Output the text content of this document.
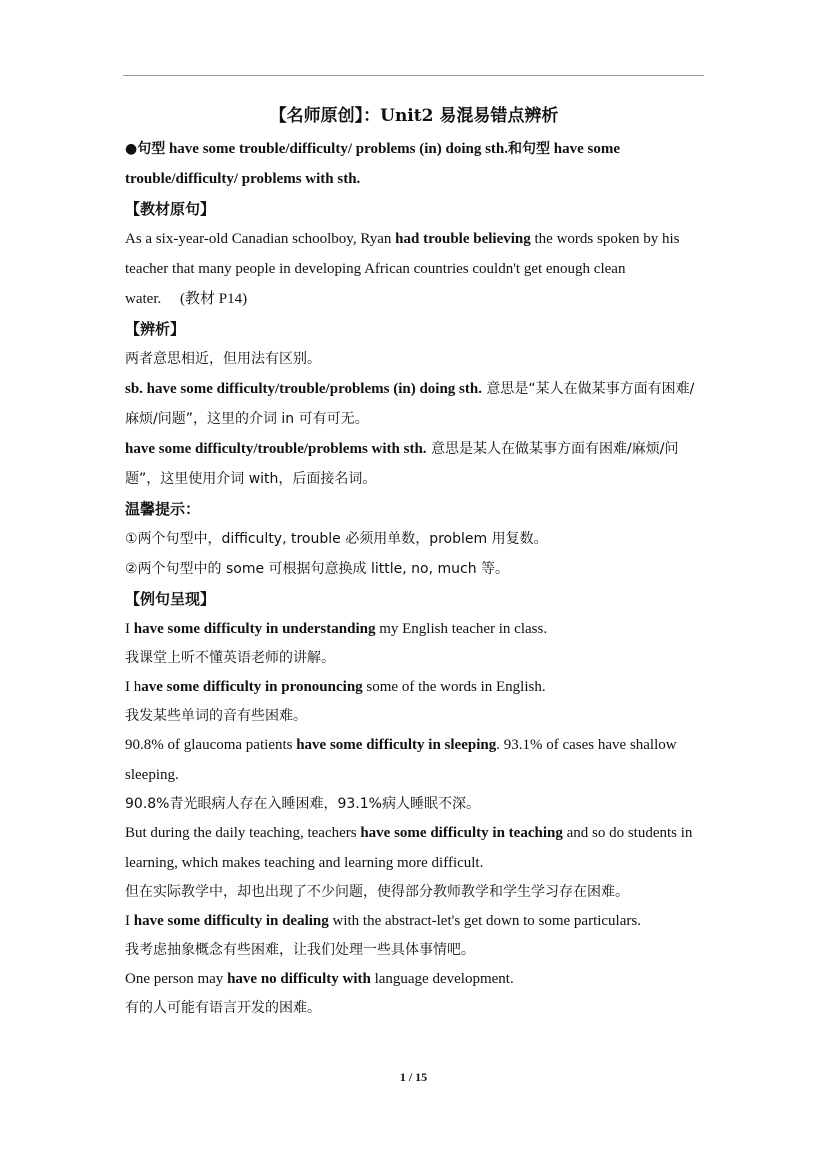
【名师原创】：Unit2 易混易错点辨析

●句型 have some trouble/difficulty/ problems (in) doing sth.和句型 have some trouble/difficulty/ problems with sth.

【教材原句】

As a six-year-old Canadian schoolboy, Ryan had trouble believing the words spoken by his teacher that many people in developing African countries couldn't get enough clean water. (教材 P14)

【辨析】

两者意思相近，但用法有区别。

sb. have some difficulty/trouble/problems (in) doing sth. 意思是“某人在做某事方面有困难/麻烦/问题”，这里的介词 in 可有可无。

have some difficulty/trouble/problems with sth. 意思是某人在做某事方面有困难/麻烦/问题”，这里使用介词 with，后面接名词。

温馨提示：

①两个句型中，difficulty, trouble 必须用单数，problem 用复数。

②两个句型中的 some 可根据句意换成 little, no, much 等。

【例句呈现】

I have some difficulty in understanding my English teacher in class.

我课堂上听不懂英语老师的讲解。

I have some difficulty in pronouncing some of the words in English.

我发某些单词的音有些困难。

90.8% of glaucoma patients have some difficulty in sleeping. 93.1% of cases have shallow sleeping.

90.8%青光眼病人存在入睡困难，93.1%病人睡眠不深。

But during the daily teaching, teachers have some difficulty in teaching and so do students in learning, which makes teaching and learning more difficult.

但在实际教学中，却也出现了不少问题，使得部分教师教学和学生学习存在困难。

I have some difficulty in dealing with the abstract-let's get down to some particulars.

我考虑抽象概念有些困难，让我们处理一些具体事情吧。

One person may have no difficulty with language development.

有的人可能有语言开发的困难。

1 / 15
